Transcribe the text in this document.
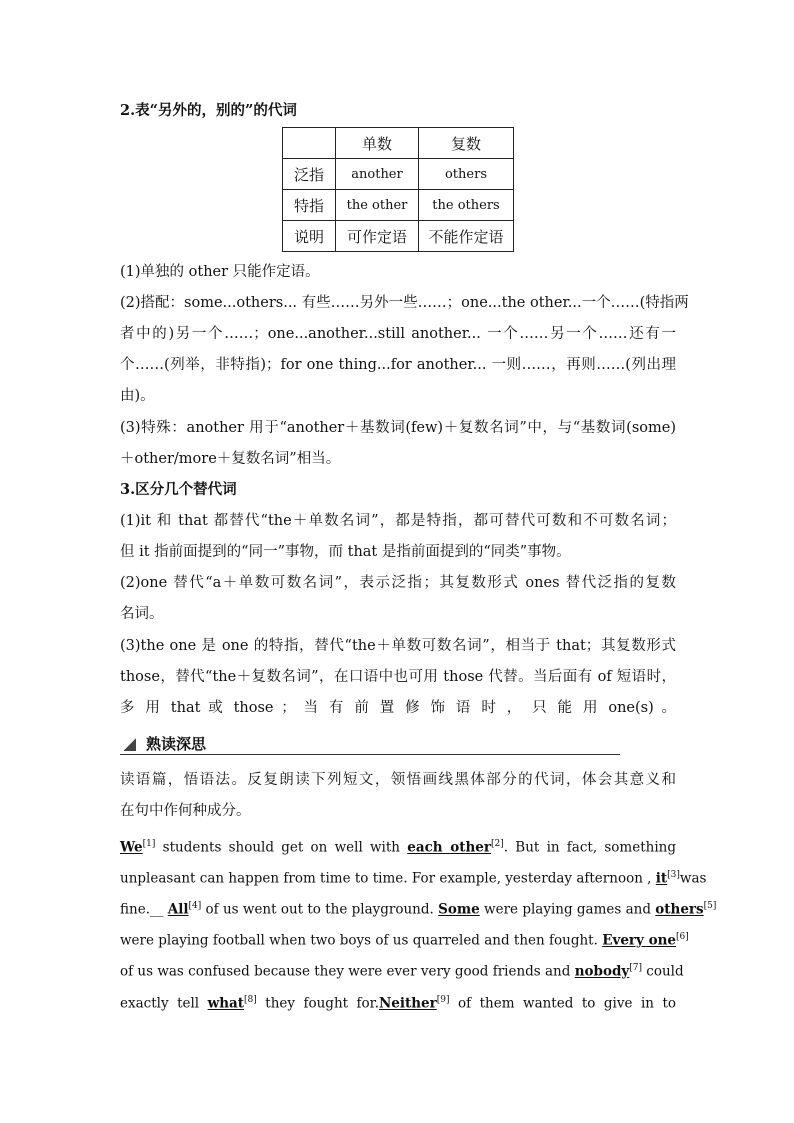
2.表“另外的，别的”的代词
	单数	复数
泛指	another	others
特指	the other	the others
说明	可作定语	不能作定语
(1)单独的 other 只能作定语。
(2)搭配：some...others... 有些……另外一些……；one...the other...一个……(特指两
者中的)另一个……；one...another...still another... 一个……另一个……还有一
个……(列举，非特指)；for one thing...for another... 一则……，再则……(列出理
由)。
(3)特殊：another 用于“another＋基数词(few)＋复数名词”中，与“基数词(some)
＋other/more＋复数名词”相当。
3.区分几个替代词
(1)it 和 that 都替代“the＋单数名词”，都是特指，都可替代可数和不可数名词；
但 it 指前面提到的“同一”事物，而 that 是指前面提到的“同类”事物。
(2)one 替代“a＋单数可数名词”，表示泛指；其复数形式 ones 替代泛指的复数
名词。
(3)the one 是 one 的特指，替代“the＋单数可数名词”，相当于 that；其复数形式
those，替代“the＋复数名词”，在口语中也可用 those 代替。当后面有 of 短语时，
多 用 that 或 those ； 当 有 前 置 修 饰 语 时 ， 只 能 用 one(s) 。
熟读深思
读语篇，悟语法。反复朗读下列短文，领悟画线黑体部分的代词，体会其意义和
在句中作何种成分。
We[1] students should get on well with each other[2]. But in fact, something
unpleasant can happen from time to time. For example, yesterday afternoon , it[3]was
fine.__ All[4] of us went out to the playground. Some were playing games and others[5]
were playing football when two boys of us quarreled and then fought. Every one[6]
of us was confused because they were ever very good friends and nobody[7] could
exactly tell what[8] they fought for.Neither[9] of them wanted to give in to
